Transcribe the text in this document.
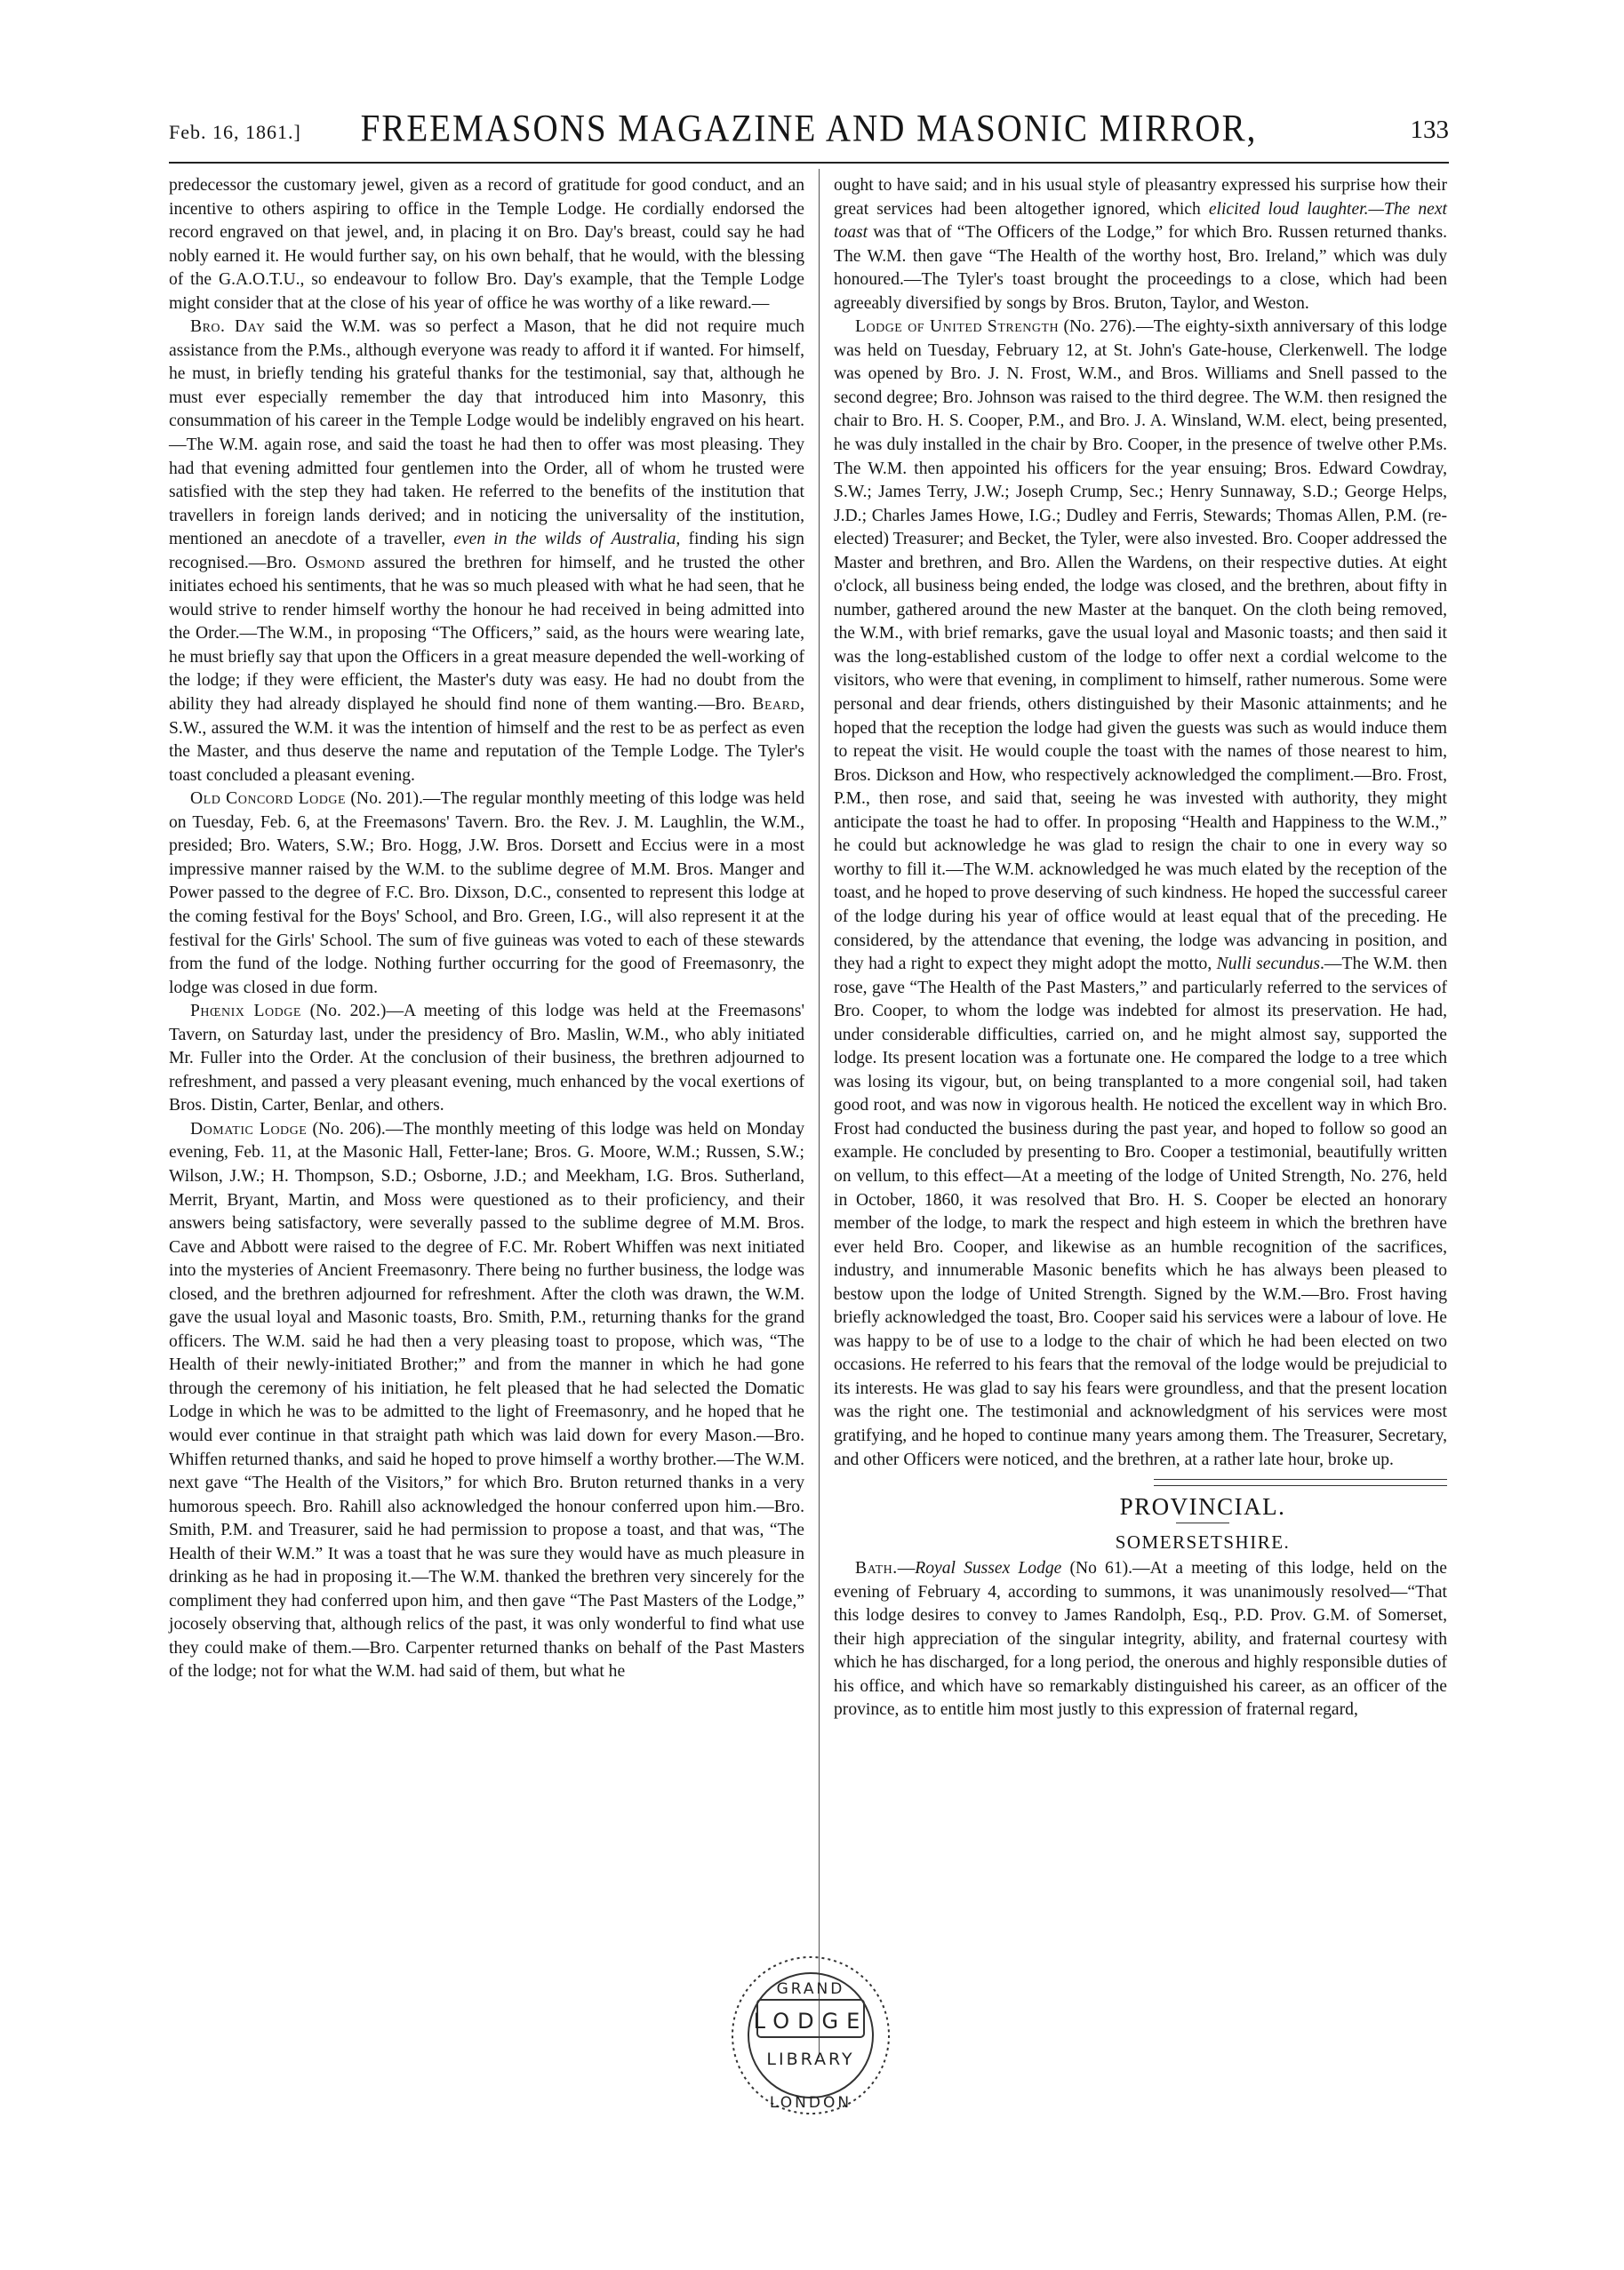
Feb. 16, 1861.]	FREEMASONS MAGAZINE AND MASONIC MIRROR,	133

predecessor the customary jewel, given as a record of gratitude for good conduct, and an incentive to others aspiring to office in the Temple Lodge. He cordially endorsed the record engraved on that jewel, and, in placing it on Bro. Day's breast, could say he had nobly earned it. He would further say, on his own behalf, that he would, with the blessing of the G.A.O.T.U., so endeavour to follow Bro. Day's example, that the Temple Lodge might consider that at the close of his year of office he was worthy of a like reward.—

Bro. Day said the W.M. was so perfect a Mason, that he did not require much assistance from the P.Ms., although everyone was ready to afford it if wanted. For himself, he must, in briefly tending his grateful thanks for the testimonial, say that, although he must ever especially remember the day that introduced him into Masonry, this consummation of his career in the Temple Lodge would be indelibly engraved on his heart.—The W.M. again rose, and said the toast he had then to offer was most pleasing. They had that evening admitted four gentlemen into the Order, all of whom he trusted were satisfied with the step they had taken. He referred to the benefits of the institution that travellers in foreign lands derived; and in noticing the universality of the institution, mentioned an anecdote of a traveller, even in the wilds of Australia, finding his sign recognised.—Bro. Osmond assured the brethren for himself, and he trusted the other initiates echoed his sentiments, that he was so much pleased with what he had seen, that he would strive to render himself worthy the honour he had received in being admitted into the Order.—The W.M., in proposing “The Officers,” said, as the hours were wearing late, he must briefly say that upon the Officers in a great measure depended the well-working of the lodge; if they were efficient, the Master's duty was easy. He had no doubt from the ability they had already displayed he should find none of them wanting.—Bro. Beard, S.W., assured the W.M. it was the intention of himself and the rest to be as perfect as even the Master, and thus deserve the name and reputation of the Temple Lodge. The Tyler's toast concluded a pleasant evening.

Old Concord Lodge (No. 201).—The regular monthly meeting of this lodge was held on Tuesday, Feb. 6, at the Freemasons' Tavern. Bro. the Rev. J. M. Laughlin, the W.M., presided; Bro. Waters, S.W.; Bro. Hogg, J.W. Bros. Dorsett and Eccius were in a most impressive manner raised by the W.M. to the sublime degree of M.M. Bros. Manger and Power passed to the degree of F.C. Bro. Dixson, D.C., consented to represent this lodge at the coming festival for the Boys' School, and Bro. Green, I.G., will also represent it at the festival for the Girls' School. The sum of five guineas was voted to each of these stewards from the fund of the lodge. Nothing further occurring for the good of Freemasonry, the lodge was closed in due form.

Phœnix Lodge (No. 202.)—A meeting of this lodge was held at the Freemasons' Tavern, on Saturday last, under the presidency of Bro. Maslin, W.M., who ably initiated Mr. Fuller into the Order. At the conclusion of their business, the brethren adjourned to refreshment, and passed a very pleasant evening, much enhanced by the vocal exertions of Bros. Distin, Carter, Benlar, and others.

Domatic Lodge (No. 206).—The monthly meeting of this lodge was held on Monday evening, Feb. 11, at the Masonic Hall, Fetter-lane; Bros. G. Moore, W.M.; Russen, S.W.; Wilson, J.W.; H. Thompson, S.D.; Osborne, J.D.; and Meekham, I.G. Bros. Sutherland, Merrit, Bryant, Martin, and Moss were questioned as to their proficiency, and their answers being satisfactory, were severally passed to the sublime degree of M.M. Bros. Cave and Abbott were raised to the degree of F.C. Mr. Robert Whiffen was next initiated into the mysteries of Ancient Freemasonry. There being no further business, the lodge was closed, and the brethren adjourned for refreshment. After the cloth was drawn, the W.M. gave the usual loyal and Masonic toasts, Bro. Smith, P.M., returning thanks for the grand officers. The W.M. said he had then a very pleasing toast to propose, which was, “The Health of their newly-initiated Brother;” and from the manner in which he had gone through the ceremony of his initiation, he felt pleased that he had selected the Domatic Lodge in which he was to be admitted to the light of Freemasonry, and he hoped that he would ever continue in that straight path which was laid down for every Mason.—Bro. Whiffen returned thanks, and said he hoped to prove himself a worthy brother.—The W.M. next gave “The Health of the Visitors,” for which Bro. Bruton returned thanks in a very humorous speech. Bro. Rahill also acknowledged the honour conferred upon him.—Bro. Smith, P.M. and Treasurer, said he had permission to propose a toast, and that was, “The Health of their W.M.” It was a toast that he was sure they would have as much pleasure in drinking as he had in proposing it.—The W.M. thanked the brethren very sincerely for the compliment they had conferred upon him, and then gave “The Past Masters of the Lodge,” jocosely observing that, although relics of the past, it was only wonderful to find what use they could make of them.—Bro. Carpenter returned thanks on behalf of the Past Masters of the lodge; not for what the W.M. had said of them, but what he

ought to have said; and in his usual style of pleasantry expressed his surprise how their great services had been altogether ignored, which elicited loud laughter.—The next toast was that of “The Officers of the Lodge,” for which Bro. Russen returned thanks. The W.M. then gave “The Health of the worthy host, Bro. Ireland,” which was duly honoured.—The Tyler's toast brought the proceedings to a close, which had been agreeably diversified by songs by Bros. Bruton, Taylor, and Weston.

Lodge of United Strength (No. 276).—The eighty-sixth anniversary of this lodge was held on Tuesday, February 12, at St. John's Gate-house, Clerkenwell. The lodge was opened by Bro. J. N. Frost, W.M., and Bros. Williams and Snell passed to the second degree; Bro. Johnson was raised to the third degree. The W.M. then resigned the chair to Bro. H. S. Cooper, P.M., and Bro. J. A. Winsland, W.M. elect, being presented, he was duly installed in the chair by Bro. Cooper, in the presence of twelve other P.Ms. The W.M. then appointed his officers for the year ensuing; Bros. Edward Cowdray, S.W.; James Terry, J.W.; Joseph Crump, Sec.; Henry Sunnaway, S.D.; George Helps, J.D.; Charles James Howe, I.G.; Dudley and Ferris, Stewards; Thomas Allen, P.M. (re-elected) Treasurer; and Becket, the Tyler, were also invested. Bro. Cooper addressed the Master and brethren, and Bro. Allen the Wardens, on their respective duties. At eight o'clock, all business being ended, the lodge was closed, and the brethren, about fifty in number, gathered around the new Master at the banquet. On the cloth being removed, the W.M., with brief remarks, gave the usual loyal and Masonic toasts; and then said it was the long-established custom of the lodge to offer next a cordial welcome to the visitors, who were that evening, in compliment to himself, rather numerous. Some were personal and dear friends, others distinguished by their Masonic attainments; and he hoped that the reception the lodge had given the guests was such as would induce them to repeat the visit. He would couple the toast with the names of those nearest to him, Bros. Dickson and How, who respectively acknowledged the compliment.—Bro. Frost, P.M., then rose, and said that, seeing he was invested with authority, they might anticipate the toast he had to offer. In proposing “Health and Happiness to the W.M.,” he could but acknowledge he was glad to resign the chair to one in every way so worthy to fill it.—The W.M. acknowledged he was much elated by the reception of the toast, and he hoped to prove deserving of such kindness. He hoped the successful career of the lodge during his year of office would at least equal that of the preceding. He considered, by the attendance that evening, the lodge was advancing in position, and they had a right to expect they might adopt the motto, Nulli secundus.—The W.M. then rose, gave “The Health of the Past Masters,” and particularly referred to the services of Bro. Cooper, to whom the lodge was indebted for almost its preservation. He had, under considerable difficulties, carried on, and he might almost say, supported the lodge. Its present location was a fortunate one. He compared the lodge to a tree which was losing its vigour, but, on being transplanted to a more congenial soil, had taken good root, and was now in vigorous health. He noticed the excellent way in which Bro. Frost had conducted the business during the past year, and hoped to follow so good an example. He concluded by presenting to Bro. Cooper a testimonial, beautifully written on vellum, to this effect—At a meeting of the lodge of United Strength, No. 276, held in October, 1860, it was resolved that Bro. H. S. Cooper be elected an honorary member of the lodge, to mark the respect and high esteem in which the brethren have ever held Bro. Cooper, and likewise as an humble recognition of the sacrifices, industry, and innumerable Masonic benefits which he has always been pleased to bestow upon the lodge of United Strength. Signed by the W.M.—Bro. Frost having briefly acknowledged the toast, Bro. Cooper said his services were a labour of love. He was happy to be of use to a lodge to the chair of which he had been elected on two occasions. He referred to his fears that the removal of the lodge would be prejudicial to its interests. He was glad to say his fears were groundless, and that the present location was the right one. The testimonial and acknowledgment of his services were most gratifying, and he hoped to continue many years among them. The Treasurer, Secretary, and other Officers were noticed, and the brethren, at a rather late hour, broke up.

PROVINCIAL.
SOMERSETSHIRE.

Bath.—Royal Sussex Lodge (No 61).—At a meeting of this lodge, held on the evening of February 4, according to summons, it was unanimously resolved—“That this lodge desires to convey to James Randolph, Esq., P.D. Prov. G.M. of Somerset, their high appreciation of the singular integrity, ability, and fraternal courtesy with which he has discharged, for a long period, the onerous and highly responsible duties of his office, and which have so remarkably distinguished his career, as an officer of the province, as to entitle him most justly to this expression of fraternal regard,

GRAND
LODGE
LIBRARY
LONDON
